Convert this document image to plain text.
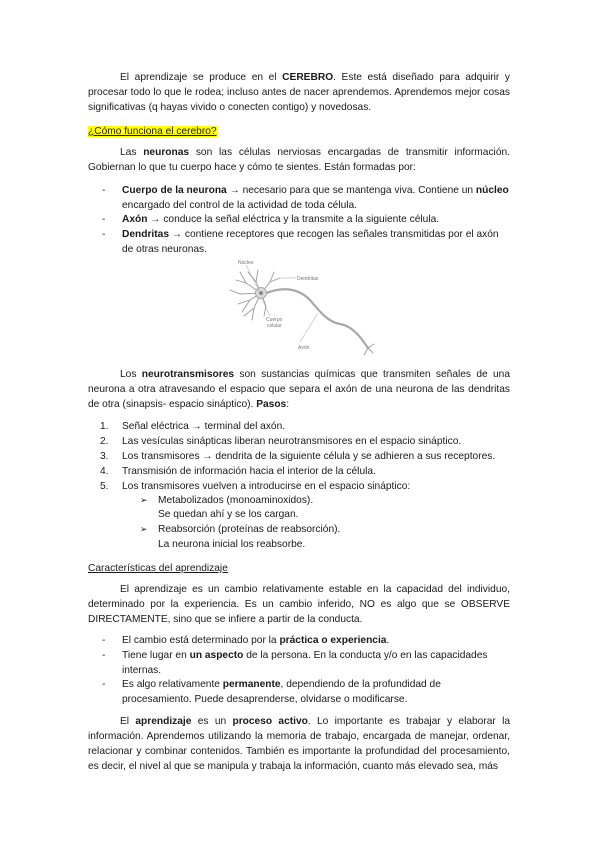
El aprendizaje se produce en el CEREBRO. Este está diseñado para adquirir y procesar todo lo que le rodea; incluso antes de nacer aprendemos. Aprendemos mejor cosas significativas (q hayas vivido o conecten contigo) y novedosas.

¿Cómo funciona el cerebro?

Las neuronas son las células nerviosas encargadas de transmitir información. Gobiernan lo que tu cuerpo hace y cómo te sientes. Están formadas por:

- Cuerpo de la neurona → necesario para que se mantenga viva. Contiene un núcleo encargado del control de la actividad de toda célula.
- Axón → conduce la señal eléctrica y la transmite a la siguiente célula.
- Dendritas → contiene receptores que recogen las señales transmitidas por el axón de otras neuronas.
Núcleo
Dendritas
Cuerpo
celular
Axón

Los neurotransmisores son sustancias químicas que transmiten señales de una neurona a otra atravesando el espacio que separa el axón de una neurona de las dendritas de otra (sinapsis- espacio sináptico). Pasos:

1.	Señal eléctrica → terminal del axón.
2.	Las vesículas sinápticas liberan neurotransmisores en el espacio sináptico.
3.	Los transmisores → dendrita de la siguiente célula y se adhieren a sus receptores.
4.	Transmisión de información hacia el interior de la célula.
5.	Los transmisores vuelven a introducirse en el espacio sináptico:
➢ Metabolizados (monoaminoxidos).
Se quedan ahí y se los cargan.
➢ Reabsorción (proteínas de reabsorción).
La neurona inicial los reabsorbe.
Características del aprendizaje

El aprendizaje es un cambio relativamente estable en la capacidad del individuo, determinado por la experiencia. Es un cambio inferido, NO es algo que se OBSERVE DIRECTAMENTE, sino que se infiere a partir de la conducta.

- El cambio está determinado por la práctica o experiencia.
- Tiene lugar en un aspecto de la persona. En la conducta y/o en las capacidades internas.
- Es algo relativamente permanente, dependiendo de la profundidad de procesamiento. Puede desaprenderse, olvidarse o modificarse.

El aprendizaje es un proceso activo. Lo importante es trabajar y elaborar la información. Aprendemos utilizando la memoria de trabajo, encargada de manejar, ordenar, relacionar y combinar contenidos. También es importante la profundidad del procesamiento, es decir, el nivel al que se manipula y trabaja la información, cuanto más elevado sea, más
